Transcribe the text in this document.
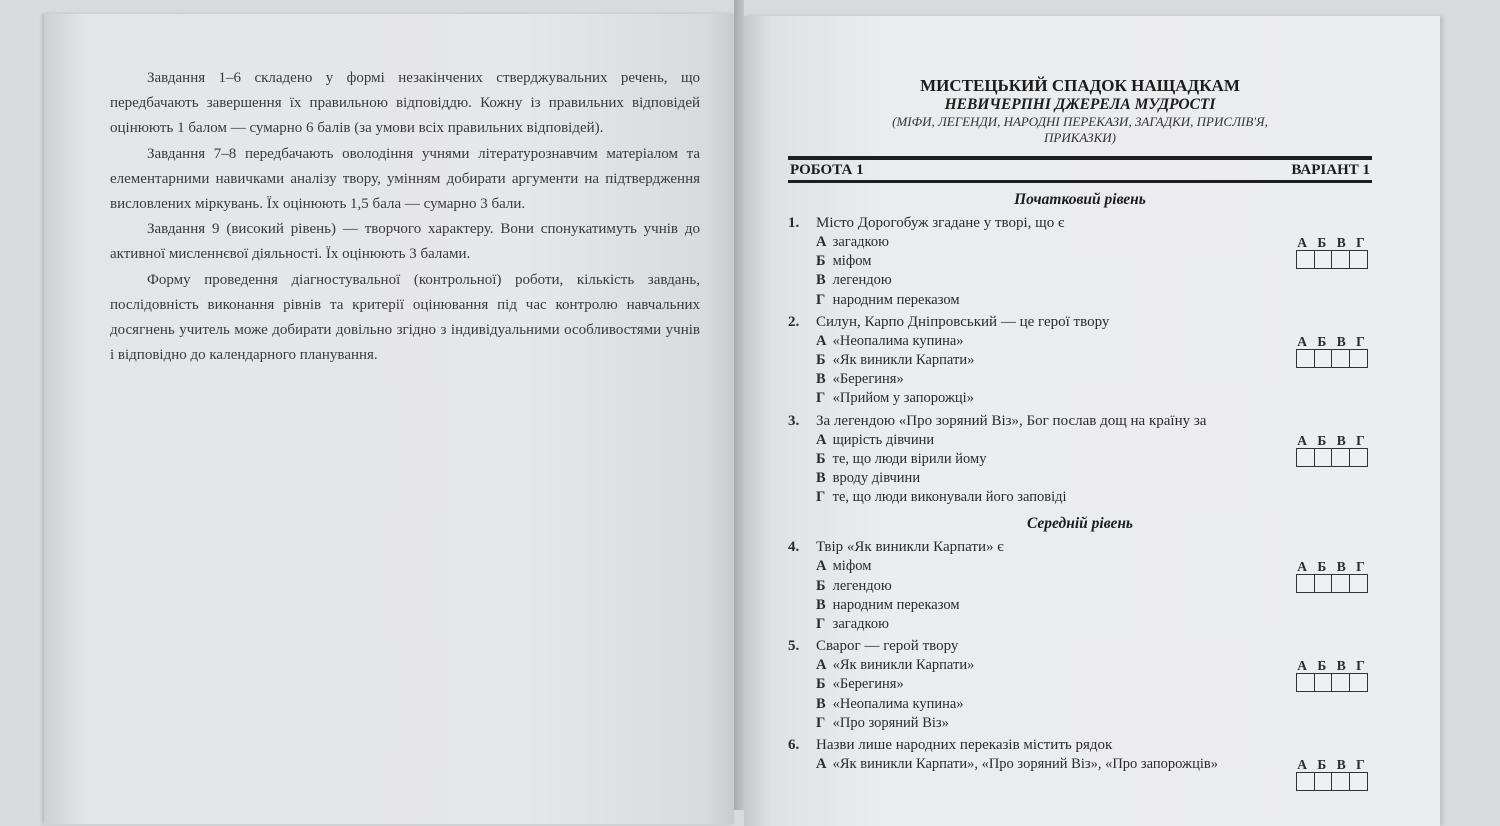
Завдання 1–6 складено у формі незакінчених стверджувальних речень, що передбачають завершення їх правильною відповіддю. Кожну із правильних відповідей оцінюють 1 балом — сумарно 6 балів (за умови всіх правильних відповідей).

Завдання 7–8 передбачають оволодіння учнями літературознавчим матеріалом та елементарними навичками аналізу твору, умінням добирати аргументи на підтвердження висловлених міркувань. Їх оцінюють 1,5 бала — сумарно 3 бали.

Завдання 9 (високий рівень) — творчого характеру. Вони спонукатимуть учнів до активної мисленнєвої діяльності. Їх оцінюють 3 балами.

Форму проведення діагностувальної (контрольної) роботи, кількість завдань, послідовність виконання рівнів та критерії оцінювання під час контролю навчальних досягнень учитель може добирати довільно згідно з індивідуальними особливостями учнів і відповідно до календарного планування.

МИСТЕЦЬКИЙ СПАДОК НАЩАДКАМ
НЕВИЧЕРПНІ ДЖЕРЕЛА МУДРОСТІ
(МІФИ, ЛЕГЕНДИ, НАРОДНІ ПЕРЕКАЗИ, ЗАГАДКИ, ПРИСЛІВ'Я, ПРИКАЗКИ)
РОБОТА 1	ВАРІАНТ 1
Початковий рівень
1.	Місто Дорогобуж згадане у творі, що є
А загадкою
Б міфом
В легендою
Г народним переказом
А Б В Г
2.	Силун, Карпо Дніпровський — це герої твору
А «Неопалима купина»
Б «Як виникли Карпати»
В «Берегиня»
Г «Прийом у запорожці»
А Б В Г
3.	За легендою «Про зоряний Віз», Бог послав дощ на країну за
А щирість дівчини
Б те, що люди вірили йому
В вроду дівчини
Г те, що люди виконували його заповіді
А Б В Г
Середній рівень
4.	Твір «Як виникли Карпати» є
А міфом
Б легендою
В народним переказом
Г загадкою
А Б В Г
5.	Сварог — герой твору
А «Як виникли Карпати»
Б «Берегиня»
В «Неопалима купина»
Г «Про зоряний Віз»
А Б В Г
6.	Назви лише народних переказів містить рядок
А «Як виникли Карпати», «Про зоряний Віз», «Про запорожців»	А Б В Г
